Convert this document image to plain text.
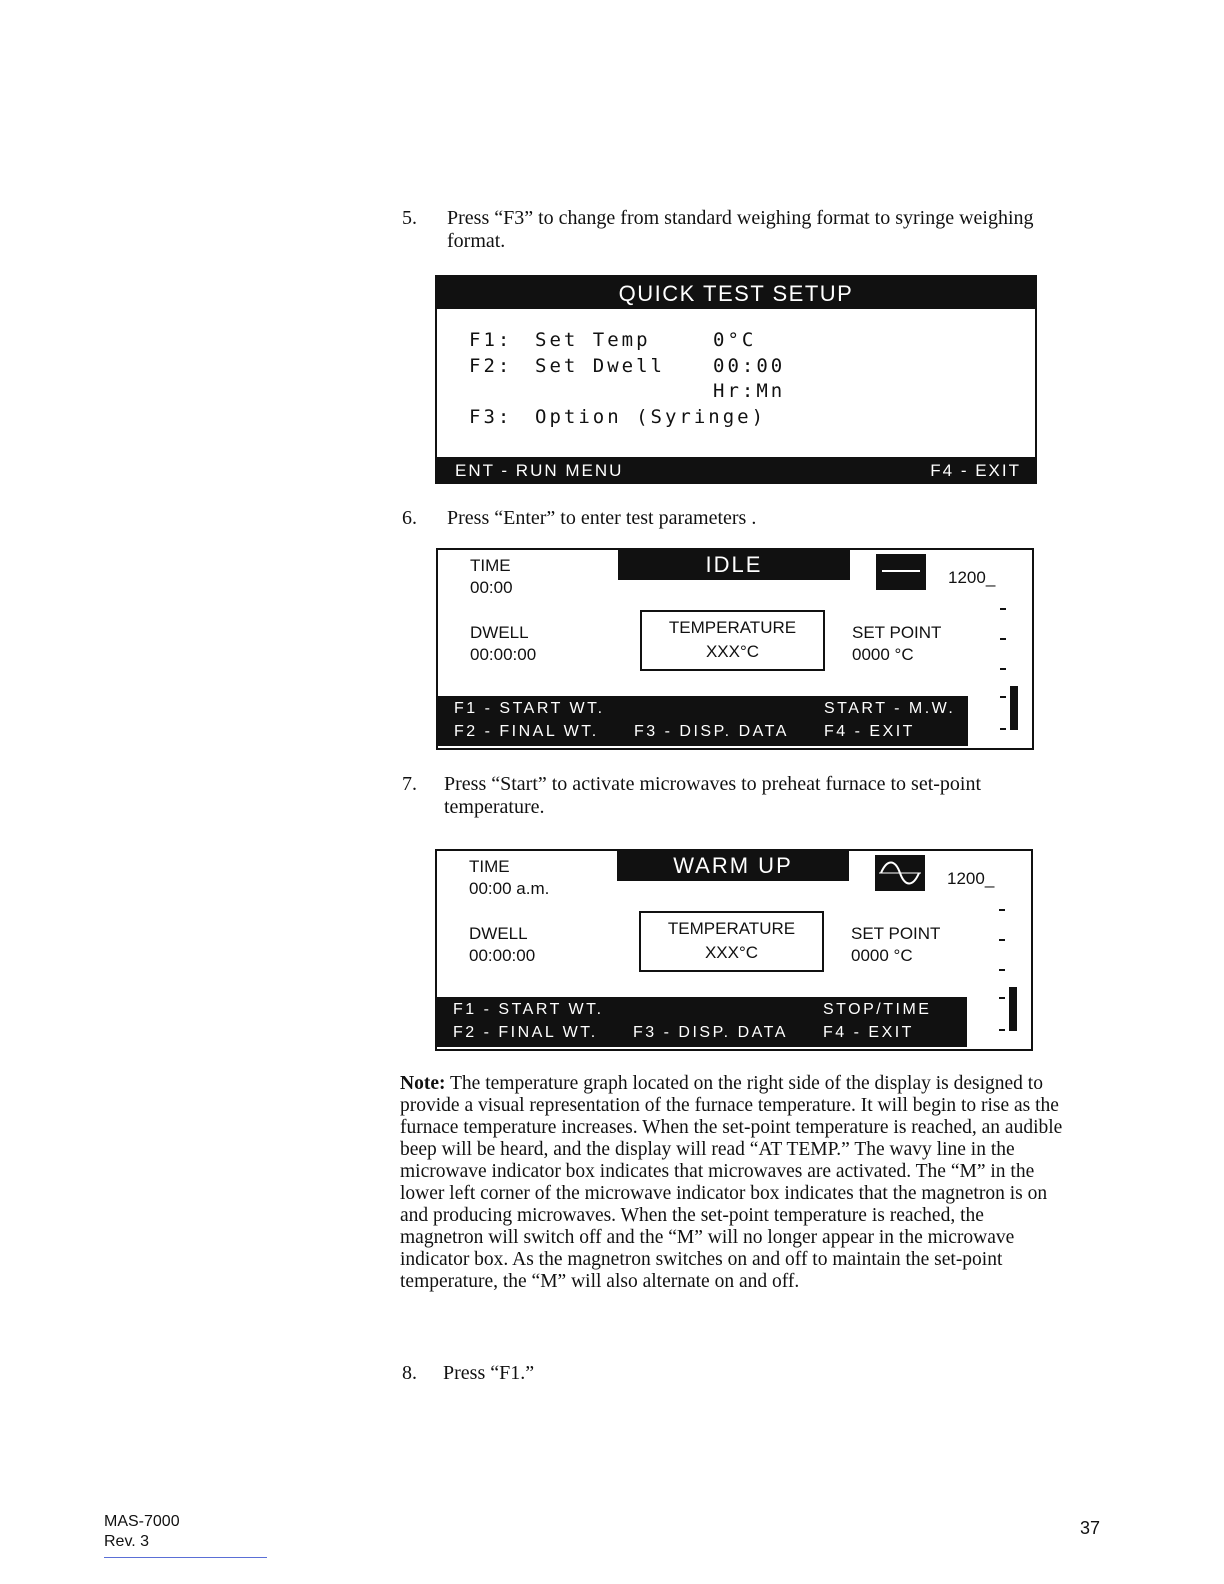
5. Press “F3” to change from standard weighing format to syringe weighing format.
QUICK TEST SETUP
F1: Set Temp	0°C
F2: Set Dwell	00:00
Hr:Mn
F3: Option (Syringe)
ENT - RUN MENU	F4 - EXIT
6. Press “Enter” to enter test parameters .
TIME
00:00
IDLE
1200_
DWELL
00:00:00
TEMPERATURE
XXX°C
SET POINT
0000 °C
F1 - START WT.
F2 - FINAL WT. F3 - DISP. DATA
START - M.W.
F4 - EXIT
7. Press “Start” to activate microwaves to preheat furnace to set-point temperature.
TIME
00:00 a.m.
WARM UP
1200_
DWELL
00:00:00
TEMPERATURE
XXX°C
SET POINT
0000 °C
F1 - START WT.
F2 - FINAL WT. F3 - DISP. DATA
STOP/TIME
F4 - EXIT
Note: The temperature graph located on the right side of the display is designed to provide a visual representation of the furnace temperature. It will begin to rise as the furnace temperature increases. When the set-point temperature is reached, an audible beep will be heard, and the display will read “AT TEMP.” The wavy line in the microwave indicator box indicates that microwaves are activated. The “M” in the lower left corner of the microwave indicator box indicates that the magnetron is on and producing microwaves. When the set-point temperature is reached, the magnetron will switch off and the “M” will no longer appear in the microwave indicator box. As the magnetron switches on and off to maintain the set-point temperature, the “M” will also alternate on and off.
8. Press “F1.”
MAS-7000
Rev. 3
37
